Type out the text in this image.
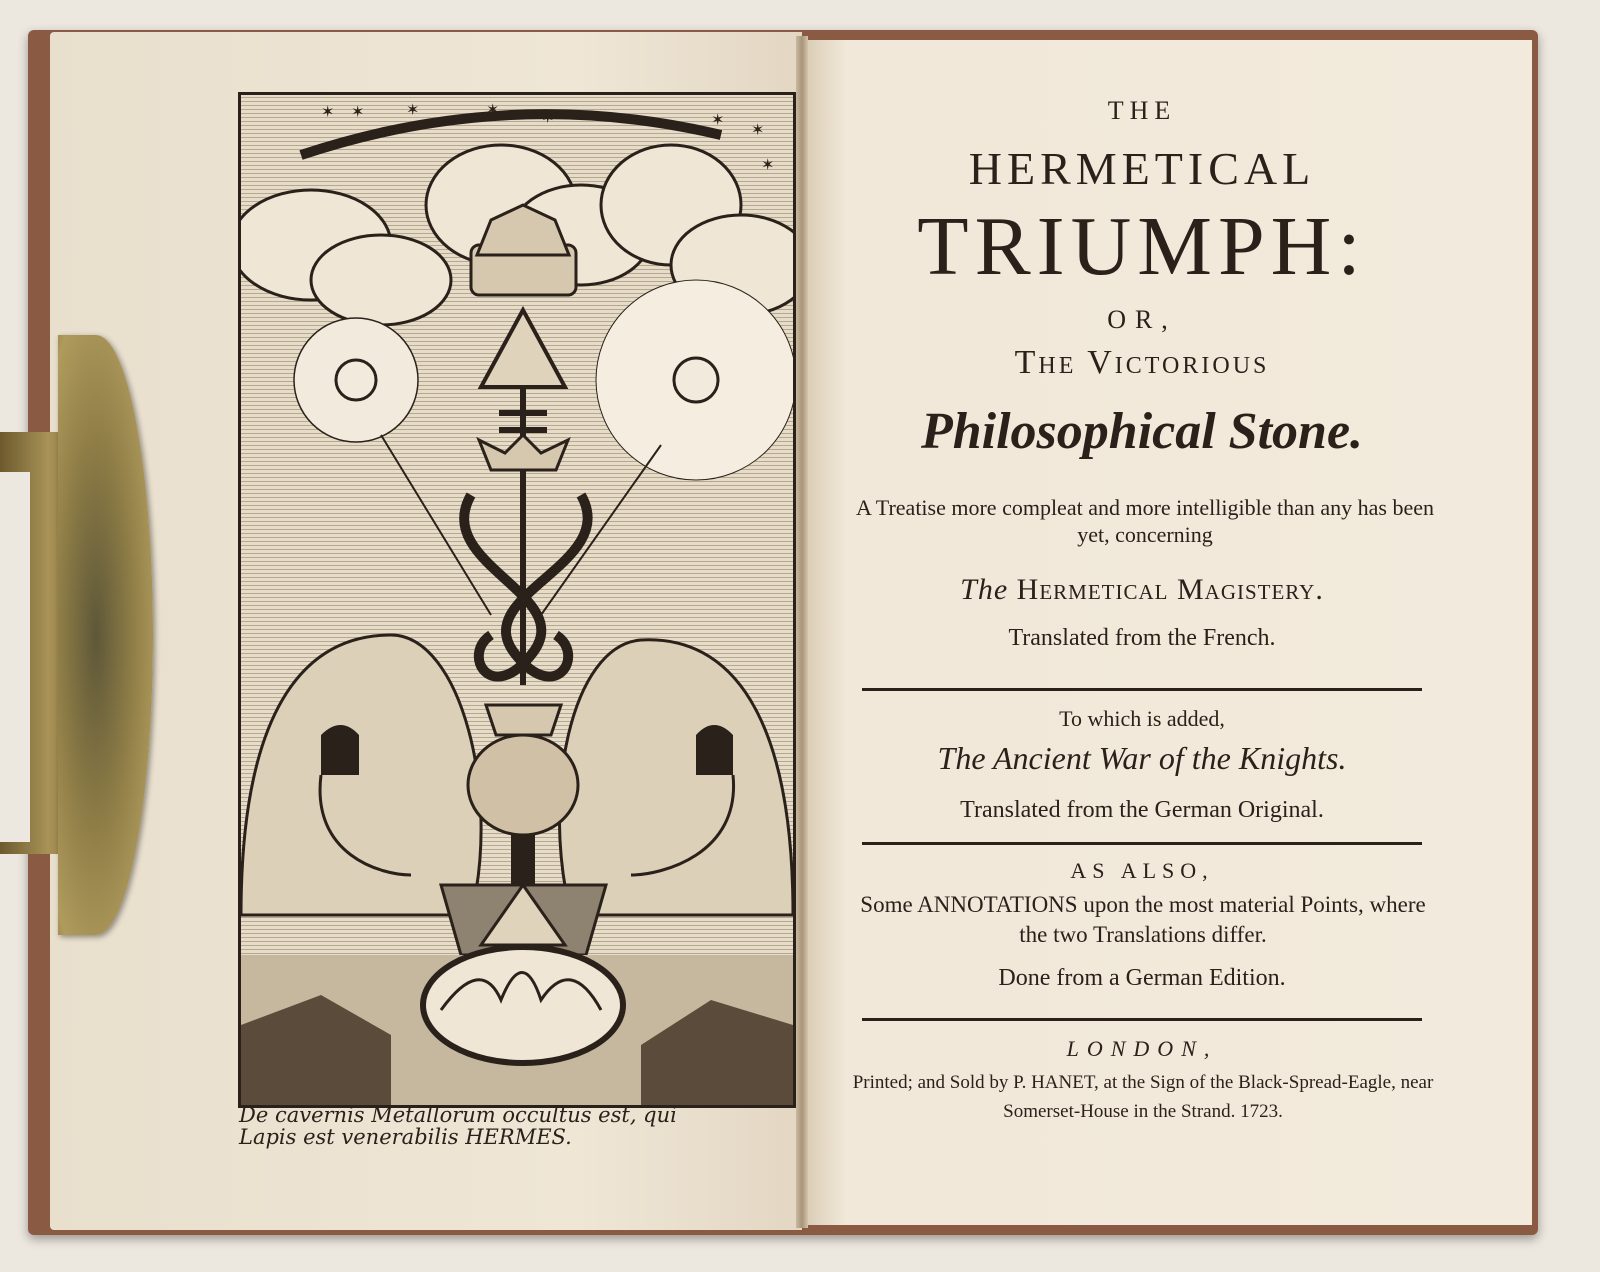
✶ ✶	✶	✶	✶	✶
✶
✶
De cavernis Metallorum occultus est, qui
Lapis est venerabilis HERMES.
THE
HERMETICAL
TRIUMPH:
OR,
The Victorious
Philosophical Stone.
A Treatise more compleat and more intelligible than any has been yet, concerning
The Hermetical Magistery.
Translated from the French.
To which is added,
The Ancient War of the Knights.
Translated from the German Original.
AS ALSO,
Some ANNOTATIONS upon the most material Points, where the two Translations differ.
Done from a German Edition.
LONDON,
Printed; and Sold by P. HANET, at the Sign of the Black-Spread-Eagle, near Somerset-House in the Strand. 1723.
